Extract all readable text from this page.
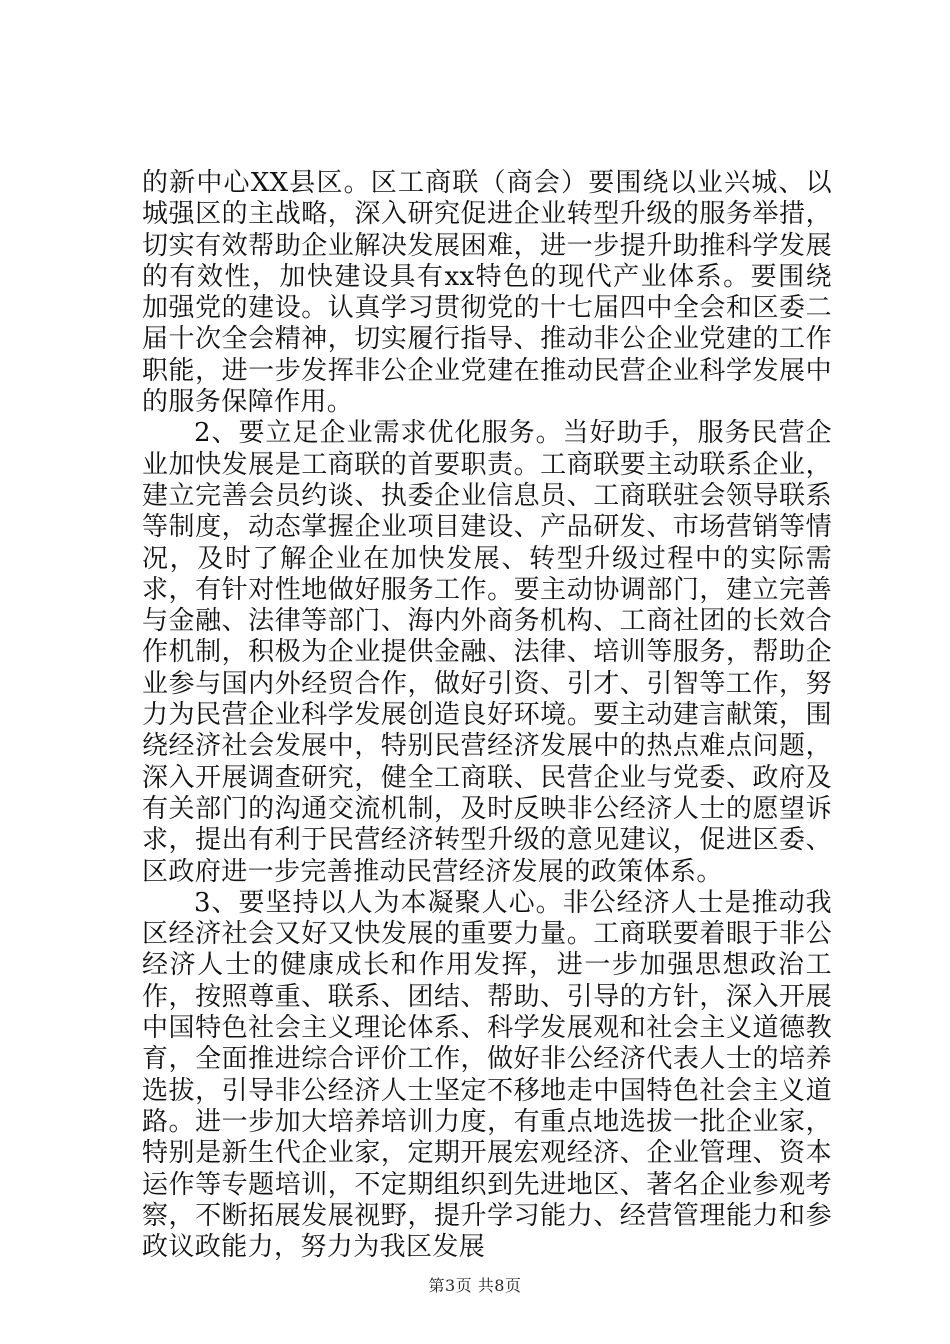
的新中心XX县区。区工商联（商会）要围绕以业兴城、以城强区的主战略，深入研究促进企业转型升级的服务举措，切实有效帮助企业解决发展困难，进一步提升助推科学发展的有效性，加快建设具有xx特色的现代产业体系。要围绕加强党的建设。认真学习贯彻党的十七届四中全会和区委二届十次全会精神，切实履行指导、推动非公企业党建的工作职能，进一步发挥非公企业党建在推动民营企业科学发展中的服务保障作用。

2、要立足企业需求优化服务。当好助手，服务民营企业加快发展是工商联的首要职责。工商联要主动联系企业，建立完善会员约谈、执委企业信息员、工商联驻会领导联系等制度，动态掌握企业项目建设、产品研发、市场营销等情况，及时了解企业在加快发展、转型升级过程中的实际需求，有针对性地做好服务工作。要主动协调部门，建立完善与金融、法律等部门、海内外商务机构、工商社团的长效合作机制，积极为企业提供金融、法律、培训等服务，帮助企业参与国内外经贸合作，做好引资、引才、引智等工作，努力为民营企业科学发展创造良好环境。要主动建言献策，围绕经济社会发展中，特别民营经济发展中的热点难点问题，深入开展调查研究，健全工商联、民营企业与党委、政府及有关部门的沟通交流机制，及时反映非公经济人士的愿望诉求，提出有利于民营经济转型升级的意见建议，促进区委、区政府进一步完善推动民营经济发展的政策体系。

3、要坚持以人为本凝聚人心。非公经济人士是推动我区经济社会又好又快发展的重要力量。工商联要着眼于非公经济人士的健康成长和作用发挥，进一步加强思想政治工作，按照尊重、联系、团结、帮助、引导的方针，深入开展中国特色社会主义理论体系、科学发展观和社会主义道德教育，全面推进综合评价工作，做好非公经济代表人士的培养选拔，引导非公经济人士坚定不移地走中国特色社会主义道路。进一步加大培养培训力度，有重点地选拔一批企业家，特别是新生代企业家，定期开展宏观经济、企业管理、资本运作等专题培训，不定期组织到先进地区、著名企业参观考察，不断拓展发展视野，提升学习能力、经营管理能力和参政议政能力，努力为我区发展

第3页 共8页
